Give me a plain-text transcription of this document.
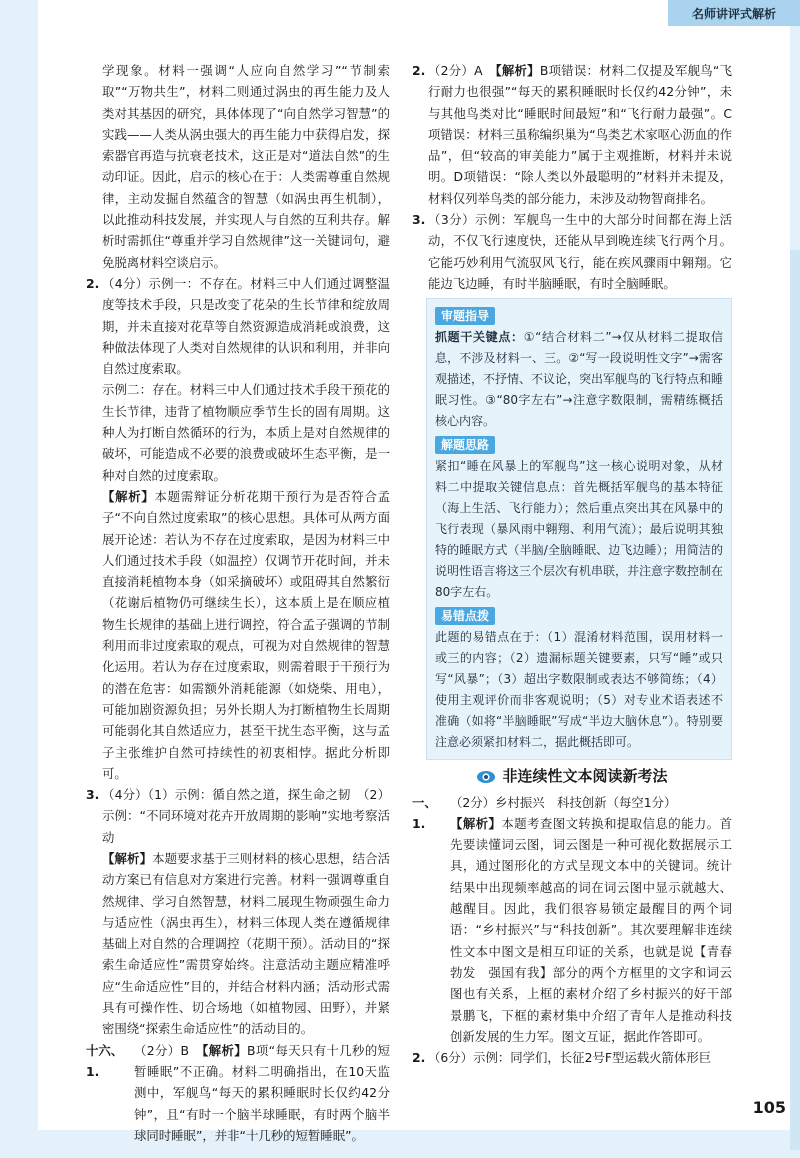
名师讲评式解析

学现象。材料一强调“人应向自然学习”“节制索取”“万物共生”，材料二则通过涡虫的再生能力及人类对其基因的研究，具体体现了“向自然学习智慧”的实践——人类从涡虫强大的再生能力中获得启发，探索器官再造与抗衰老技术，这正是对“道法自然”的生动印证。因此，启示的核心在于：人类需尊重自然规律，主动发掘自然蕴含的智慧（如涡虫再生机制），以此推动科技发展，并实现人与自然的互利共存。解析时需抓住“尊重并学习自然规律”这一关键词句，避免脱离材料空谈启示。

2. （4分）示例一：不存在。材料三中人们通过调整温度等技术手段，只是改变了花朵的生长节律和绽放周期，并未直接对花草等自然资源造成消耗或浪费，这种做法体现了人类对自然规律的认识和利用，并非向自然过度索取。

示例二：存在。材料三中人们通过技术手段干预花的生长节律，违背了植物顺应季节生长的固有周期。这种人为打断自然循环的行为，本质上是对自然规律的破坏，可能造成不必要的浪费或破坏生态平衡，是一种对自然的过度索取。

【解析】本题需辩证分析花期干预行为是否符合孟子“不向自然过度索取”的核心思想。具体可从两方面展开论述：若认为不存在过度索取，是因为材料三中人们通过技术手段（如温控）仅调节开花时间，并未直接消耗植物本身（如采摘破坏）或阻碍其自然繁衍（花谢后植物仍可继续生长），这本质上是在顺应植物生长规律的基础上进行调控，符合孟子强调的节制利用而非过度索取的观点，可视为对自然规律的智慧化运用。若认为存在过度索取，则需着眼于干预行为的潜在危害：如需额外消耗能源（如烧柴、用电），可能加剧资源负担；另外长期人为打断植物生长周期可能弱化其自然适应力，甚至干扰生态平衡，这与孟子主张维护自然可持续性的初衷相悖。据此分析即可。

3. （4分）（1）示例：循自然之道，探生命之韧　（2）示例：“不同环境对花卉开放周期的影响”实地考察活动

【解析】本题要求基于三则材料的核心思想，结合活动方案已有信息对方案进行完善。材料一强调尊重自然规律、学习自然智慧，材料二展现生物顽强生命力与适应性（涡虫再生），材料三体现人类在遵循规律基础上对自然的合理调控（花期干预）。活动目的“探索生命适应性”需贯穿始终。注意活动主题应精准呼应“生命适应性”目的，并结合材料内涵；活动形式需具有可操作性、切合场地（如植物园、田野），并紧密围绕“探索生命适应性”的活动目的。

十六、1.

（2分）B　【解析】B项“每天只有十几秒的短暂睡眠”不正确。材料二明确指出，在10天监测中，军舰鸟“每天的累积睡眠时长仅约42分钟”，且“有时一个脑半球睡眠，有时两个脑半球同时睡眠”，并非“十几秒的短暂睡眠”。

2. （2分）A　【解析】B项错误：材料二仅提及军舰鸟“飞行耐力也很强”“每天的累积睡眠时长仅约42分钟”，未与其他鸟类对比“睡眠时间最短”和“飞行耐力最强”。C项错误：材料三虽称编织巢为“鸟类艺术家呕心沥血的作品”，但“较高的审美能力”属于主观推断，材料并未说明。D项错误：“除人类以外最聪明的”材料并未提及，材料仅列举鸟类的部分能力，未涉及动物智商排名。

3. （3分）示例：军舰鸟一生中的大部分时间都在海上活动，不仅飞行速度快，还能从早到晚连续飞行两个月。它能巧妙利用气流驭风飞行，能在疾风骤雨中翱翔。它能边飞边睡，有时半脑睡眠，有时全脑睡眠。

审题指导

抓题干关键点：①“结合材料二”→仅从材料二提取信息，不涉及材料一、三。②“写一段说明性文字”→需客观描述，不抒情、不议论，突出军舰鸟的飞行特点和睡眠习性。③“80字左右”→注意字数限制，需精练概括核心内容。

解题思路

紧扣“睡在风暴上的军舰鸟”这一核心说明对象，从材料二中提取关键信息点：首先概括军舰鸟的基本特征（海上生活、飞行能力）；然后重点突出其在风暴中的飞行表现（暴风雨中翱翔、利用气流）；最后说明其独特的睡眠方式（半脑/全脑睡眠、边飞边睡）；用简洁的说明性语言将这三个层次有机串联，并注意字数控制在80字左右。

易错点拨

此题的易错点在于：（1）混淆材料范围，误用材料一或三的内容；（2）遗漏标题关键要素，只写“睡”或只写“风暴”；（3）超出字数限制或表达不够简练；（4）使用主观评价而非客观说明；（5）对专业术语表述不准确（如将“半脑睡眠”写成“半边大脑休息”）。特别要注意必须紧扣材料二，据此概括即可。

非连续性文本阅读新考法
一、1.

（2分）乡村振兴　科技创新（每空1分）

【解析】本题考查图文转换和提取信息的能力。首先要读懂词云图，词云图是一种可视化数据展示工具，通过图形化的方式呈现文本中的关键词。统计结果中出现频率越高的词在词云图中显示就越大、越醒目。因此，我们很容易锁定最醒目的两个词语：“乡村振兴”与“科技创新”。其次要理解非连续性文本中图文是相互印证的关系，也就是说【青春勃发　强国有我】部分的两个方框里的文字和词云图也有关系，上框的素材介绍了乡村振兴的好干部景鹏飞，下框的素材集中介绍了青年人是推动科技创新发展的生力军。图文互证，据此作答即可。

2. （6分）示例：同学们，长征2号F型运载火箭体形巨

105
